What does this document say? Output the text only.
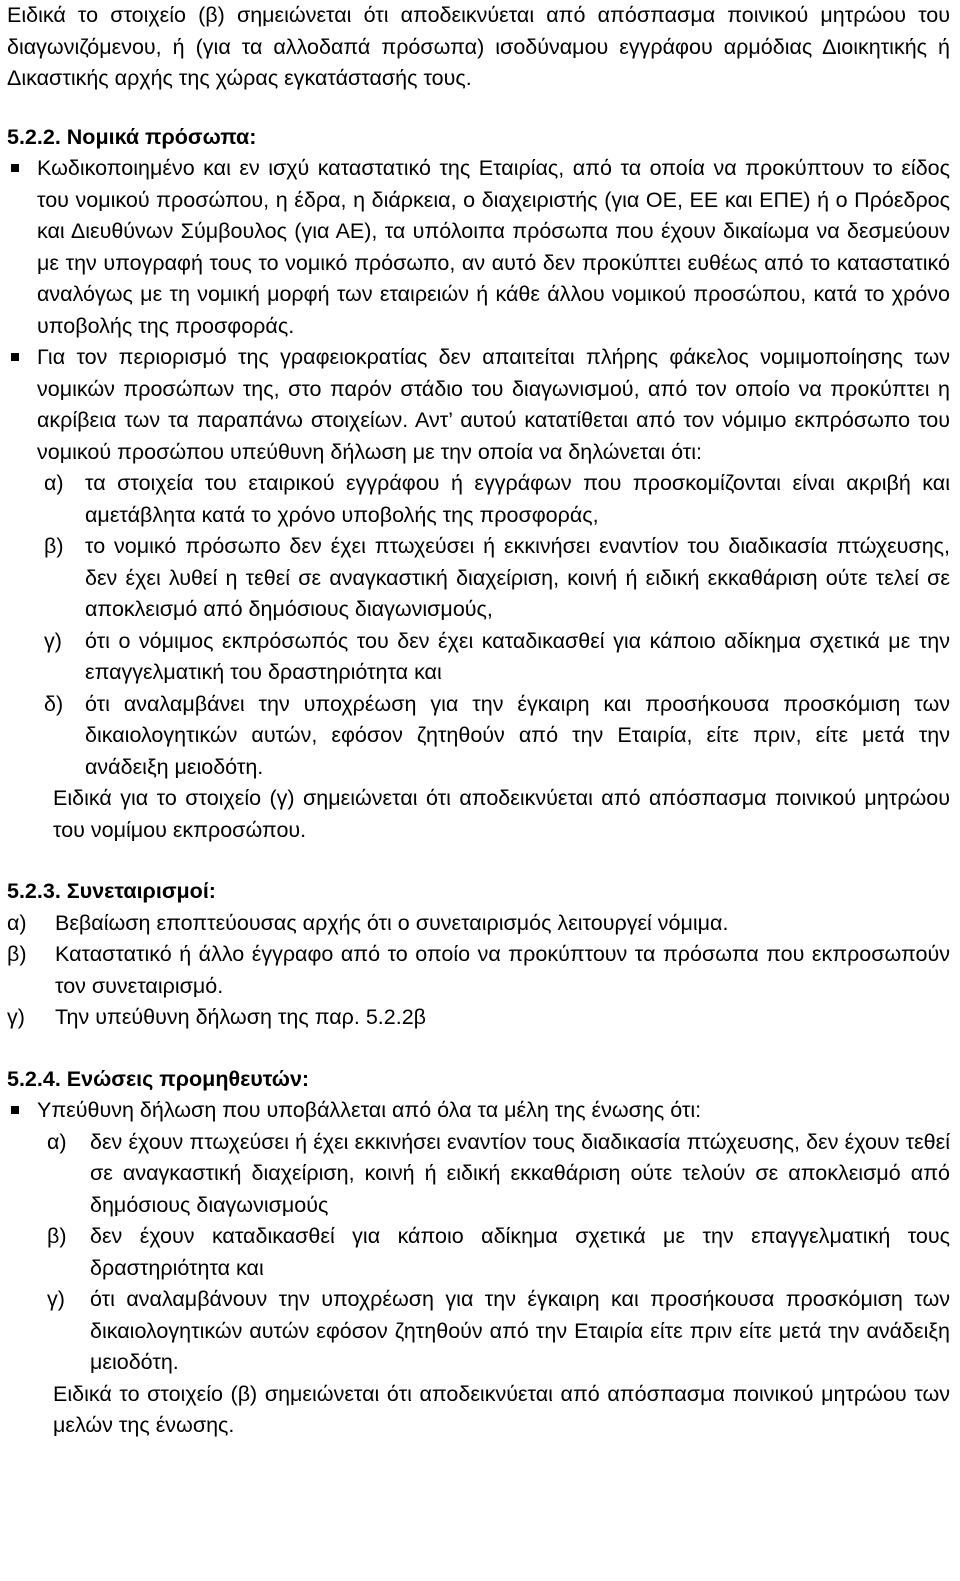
Ειδικά το στοιχείο (β) σημειώνεται ότι αποδεικνύεται από απόσπασμα ποινικού μητρώου του διαγωνιζόμενου, ή (για τα αλλοδαπά πρόσωπα) ισοδύναμου εγγράφου αρμόδιας Διοικητικής ή Δικαστικής αρχής της χώρας εγκατάστασής τους.

5.2.2. Νομικά πρόσωπα:

Κωδικοποιημένο και εν ισχύ καταστατικό της Εταιρίας, από τα οποία να προκύπτουν το είδος του νομικού προσώπου, η έδρα, η διάρκεια, ο διαχειριστής (για ΟΕ, ΕΕ και ΕΠΕ) ή ο Πρόεδρος και Διευθύνων Σύμβουλος (για ΑΕ), τα υπόλοιπα πρόσωπα που έχουν δικαίωμα να δεσμεύουν με την υπογραφή τους το νομικό πρόσωπο, αν αυτό δεν προκύπτει ευθέως από το καταστατικό αναλόγως με τη νομική μορφή των εταιρειών ή κάθε άλλου νομικού προσώπου, κατά το χρόνο υποβολής της προσφοράς.

Για τον περιορισμό της γραφειοκρατίας δεν απαιτείται πλήρης φάκελος νομιμοποίησης των νομικών προσώπων της, στο παρόν στάδιο του διαγωνισμού, από τον οποίο να προκύπτει η ακρίβεια των τα παραπάνω στοιχείων. Αντ’ αυτού κατατίθεται από τον νόμιμο εκπρόσωπο του νομικού προσώπου υπεύθυνη δήλωση με την οποία να δηλώνεται ότι:

α) τα στοιχεία του εταιρικού εγγράφου ή εγγράφων που προσκομίζονται είναι ακριβή και αμετάβλητα κατά το χρόνο υποβολής της προσφοράς,
β) το νομικό πρόσωπο δεν έχει πτωχεύσει ή εκκινήσει εναντίον του διαδικασία πτώχευσης, δεν έχει λυθεί η τεθεί σε αναγκαστική διαχείριση, κοινή ή ειδική εκκαθάριση ούτε τελεί σε αποκλεισμό από δημόσιους διαγωνισμούς,
γ) ότι ο νόμιμος εκπρόσωπός του δεν έχει καταδικασθεί για κάποιο αδίκημα σχετικά με την επαγγελματική του δραστηριότητα και
δ) ότι αναλαμβάνει την υποχρέωση για την έγκαιρη και προσήκουσα προσκόμιση των δικαιολογητικών αυτών, εφόσον ζητηθούν από την Εταιρία, είτε πριν, είτε μετά την ανάδειξη μειοδότη.

Ειδικά για το στοιχείο (γ) σημειώνεται ότι αποδεικνύεται από απόσπασμα ποινικού μητρώου του νομίμου εκπροσώπου.

5.2.3. Συνεταιρισμοί:
α) Βεβαίωση εποπτεύουσας αρχής ότι ο συνεταιρισμός λειτουργεί νόμιμα.
β) Καταστατικό ή άλλο έγγραφο από το οποίο να προκύπτουν τα πρόσωπα που εκπροσωπούν τον συνεταιρισμό.
γ) Την υπεύθυνη δήλωση της παρ. 5.2.2β
5.2.4. Ενώσεις προμηθευτών:

Υπεύθυνη δήλωση που υποβάλλεται από όλα τα μέλη της ένωσης ότι:

α) δεν έχουν πτωχεύσει ή έχει εκκινήσει εναντίον τους διαδικασία πτώχευσης, δεν έχουν τεθεί σε αναγκαστική διαχείριση, κοινή ή ειδική εκκαθάριση ούτε τελούν σε αποκλεισμό από δημόσιους διαγωνισμούς
β) δεν έχουν καταδικασθεί για κάποιο αδίκημα σχετικά με την επαγγελματική τους δραστηριότητα και
γ) ότι αναλαμβάνουν την υποχρέωση για την έγκαιρη και προσήκουσα προσκόμιση των δικαιολογητικών αυτών εφόσον ζητηθούν από την Εταιρία είτε πριν είτε μετά την ανάδειξη μειοδότη.

Ειδικά το στοιχείο (β) σημειώνεται ότι αποδεικνύεται από απόσπασμα ποινικού μητρώου των μελών της ένωσης.
